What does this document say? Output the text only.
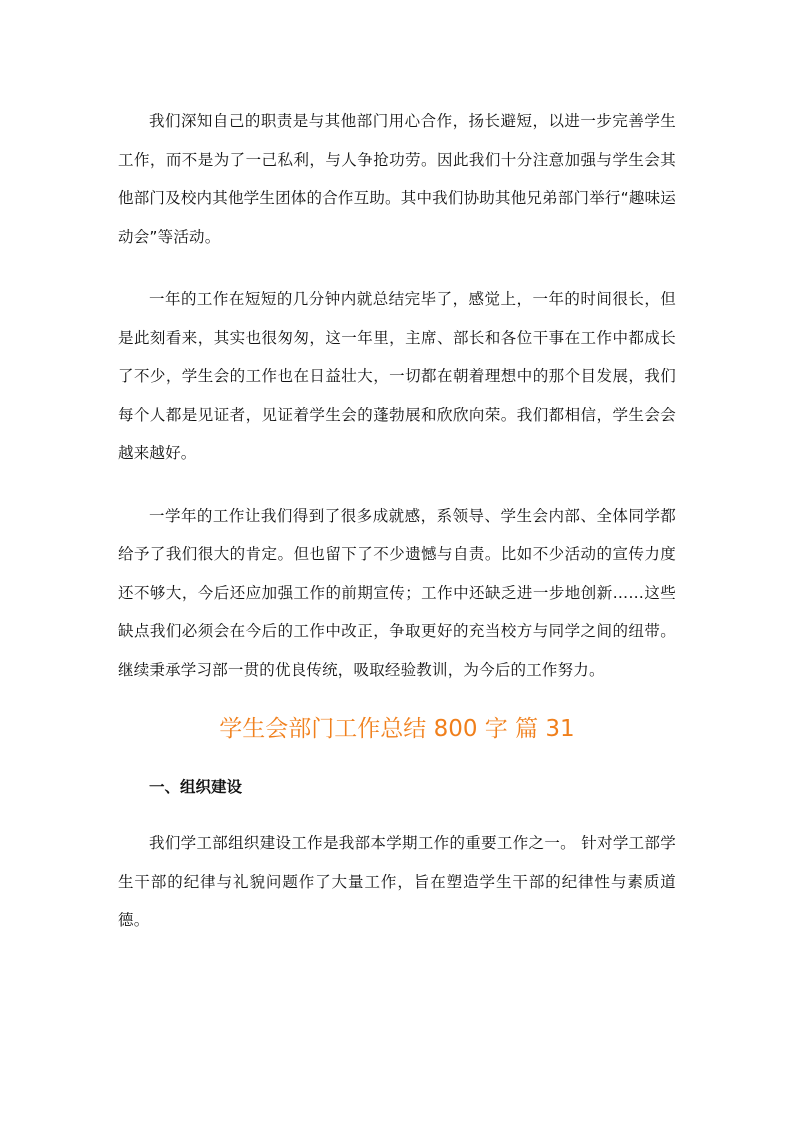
我们深知自己的职责是与其他部门用心合作，扬长避短，以进一步完善学生工作，而不是为了一己私利，与人争抢功劳。因此我们十分注意加强与学生会其他部门及校内其他学生团体的合作互助。其中我们协助其他兄弟部门举行“趣味运动会”等活动。

一年的工作在短短的几分钟内就总结完毕了，感觉上，一年的时间很长，但是此刻看来，其实也很匆匆，这一年里，主席、部长和各位干事在工作中都成长了不少，学生会的工作也在日益壮大，一切都在朝着理想中的那个目发展，我们每个人都是见证者，见证着学生会的蓬勃展和欣欣向荣。我们都相信，学生会会越来越好。

一学年的工作让我们得到了很多成就感，系领导、学生会内部、全体同学都给予了我们很大的肯定。但也留下了不少遗憾与自责。比如不少活动的宣传力度还不够大，今后还应加强工作的前期宣传；工作中还缺乏进一步地创新……这些缺点我们必须会在今后的工作中改正，争取更好的充当校方与同学之间的纽带。继续秉承学习部一贯的优良传统，吸取经验教训，为今后的工作努力。

学生会部门工作总结 800 字 篇 31

一、组织建设

我们学工部组织建设工作是我部本学期工作的重要工作之一。 针对学工部学生干部的纪律与礼貌问题作了大量工作，旨在塑造学生干部的纪律性与素质道德。
